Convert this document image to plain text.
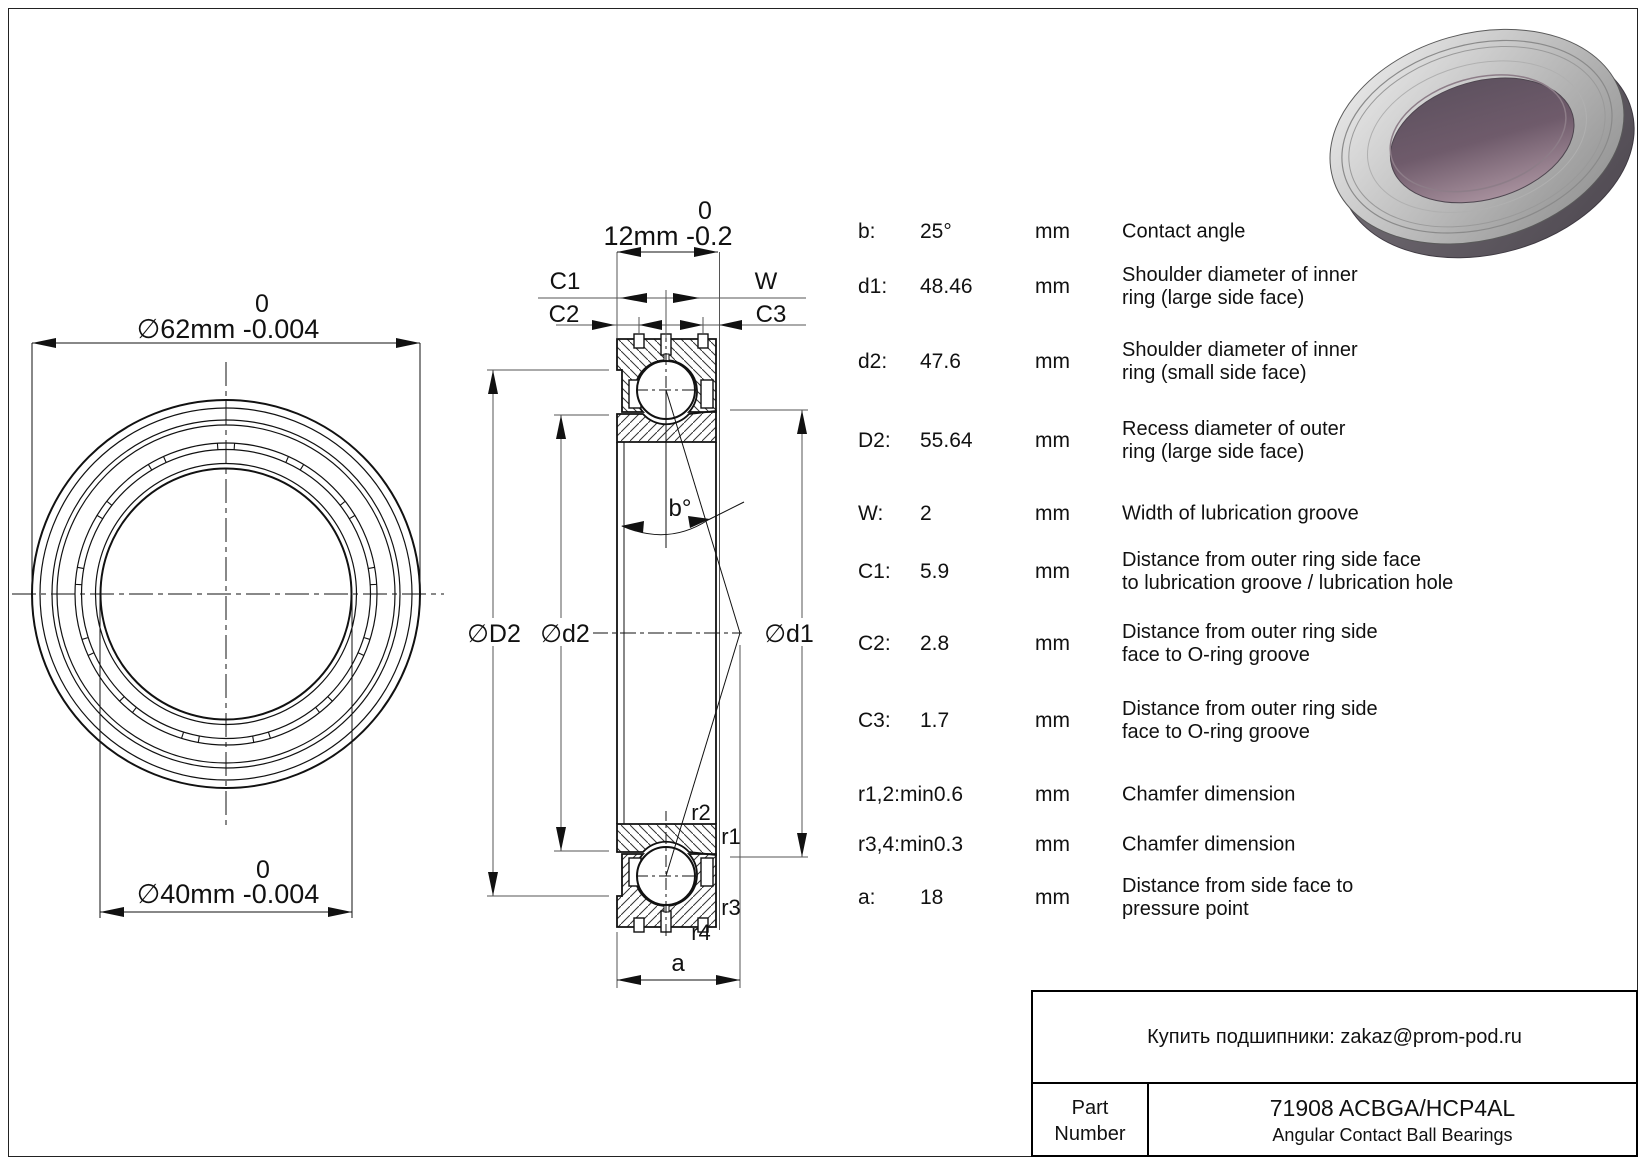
0
∅62mm -0.004
0
∅40mm -0.004
0
12mm -0.2
C1	W
C2	C3
b°
∅D2 ∅d2	∅d1
r2
r1
r3
r4
a
b: 25°	mm	Contact angle
d1: 48.46	mm	Shoulder diameter of inner
ring (large side face)
d2: 47.6	mm	Shoulder diameter of inner
ring (small side face)
D2: 55.64	mm	Recess diameter of outer
ring (large side face)
W: 2	mm	Width of lubrication groove
C1: 5.9	mm	Distance from outer ring side face
to lubrication groove / lubrication hole
C2: 2.8	mm	Distance from outer ring side
face to O-ring groove
C3: 1.7	mm	Distance from outer ring side
face to O-ring groove
r1,2:min0.6	mm	Chamfer dimension
r3,4:min0.3	mm	Chamfer dimension
a: 18	mm	Distance from side face to
pressure point
Купить подшипники: zakaz@prom-pod.ru
Part
Number
71908 ACBGA/HCP4AL
Angular Contact Ball Bearings
